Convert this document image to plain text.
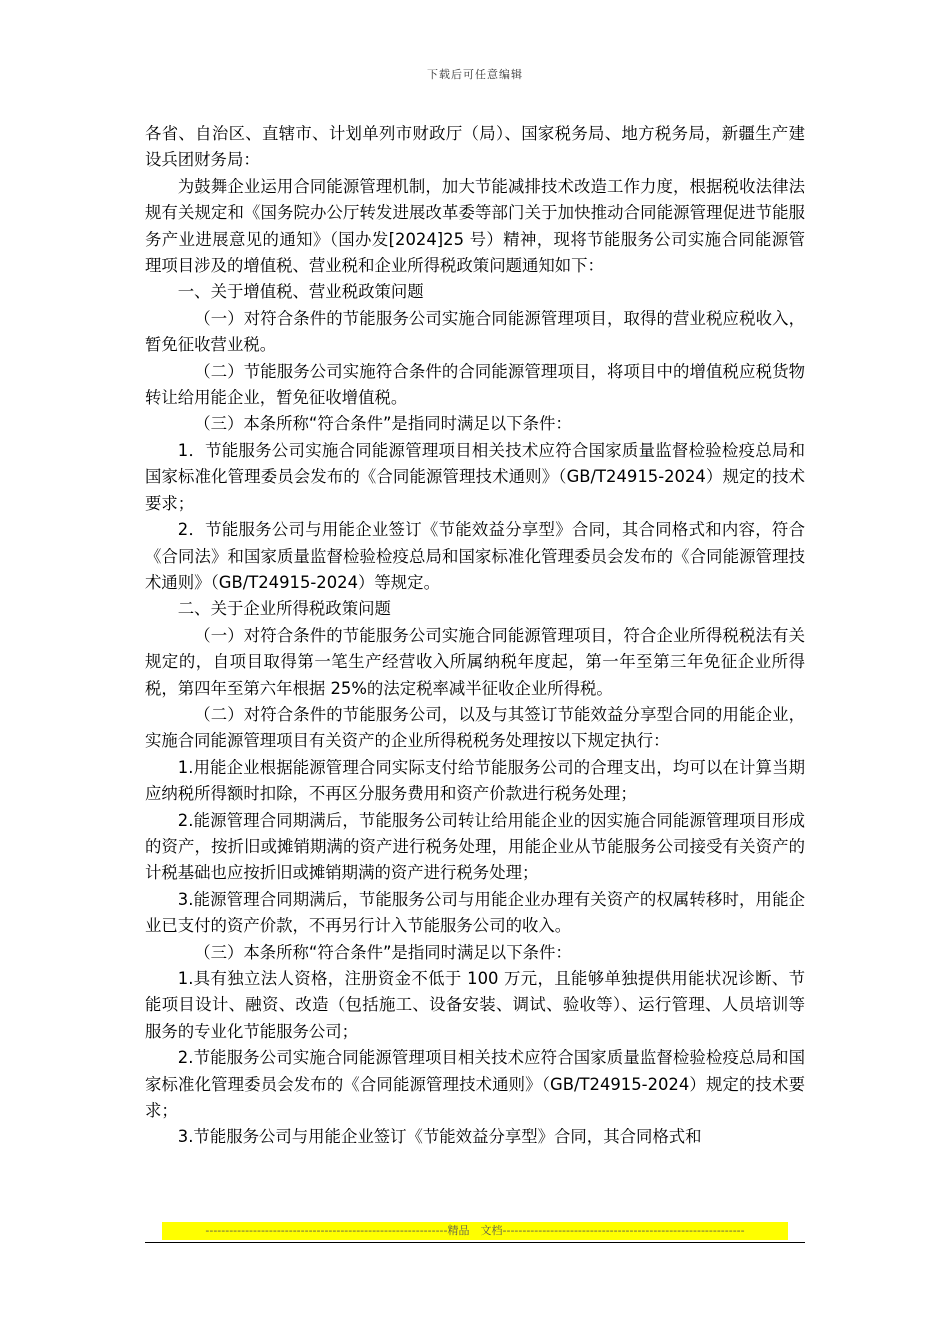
下载后可任意编辑

各省、自治区、直辖市、计划单列市财政厅（局）、国家税务局、地方税务局，新疆生产建设兵团财务局：

为鼓舞企业运用合同能源管理机制，加大节能减排技术改造工作力度，根据税收法律法规有关规定和《国务院办公厅转发进展改革委等部门关于加快推动合同能源管理促进节能服务产业进展意见的通知》（国办发[2024]25 号）精神，现将节能服务公司实施合同能源管理项目涉及的增值税、营业税和企业所得税政策问题通知如下：

一、关于增值税、营业税政策问题

（一）对符合条件的节能服务公司实施合同能源管理项目，取得的营业税应税收入，暂免征收营业税。

（二）节能服务公司实施符合条件的合同能源管理项目，将项目中的增值税应税货物转让给用能企业，暂免征收增值税。

（三）本条所称“符合条件”是指同时满足以下条件：

1．节能服务公司实施合同能源管理项目相关技术应符合国家质量监督检验检疫总局和国家标准化管理委员会发布的《合同能源管理技术通则》（GB/T24915-2024）规定的技术要求；

2．节能服务公司与用能企业签订《节能效益分享型》合同，其合同格式和内容，符合《合同法》和国家质量监督检验检疫总局和国家标准化管理委员会发布的《合同能源管理技术通则》（GB/T24915-2024）等规定。

二、关于企业所得税政策问题

（一）对符合条件的节能服务公司实施合同能源管理项目，符合企业所得税税法有关规定的，自项目取得第一笔生产经营收入所属纳税年度起，第一年至第三年免征企业所得税，第四年至第六年根据 25%的法定税率减半征收企业所得税。

（二）对符合条件的节能服务公司，以及与其签订节能效益分享型合同的用能企业，实施合同能源管理项目有关资产的企业所得税税务处理按以下规定执行：

1.用能企业根据能源管理合同实际支付给节能服务公司的合理支出，均可以在计算当期应纳税所得额时扣除，不再区分服务费用和资产价款进行税务处理；

2.能源管理合同期满后，节能服务公司转让给用能企业的因实施合同能源管理项目形成的资产，按折旧或摊销期满的资产进行税务处理，用能企业从节能服务公司接受有关资产的计税基础也应按折旧或摊销期满的资产进行税务处理；

3.能源管理合同期满后，节能服务公司与用能企业办理有关资产的权属转移时，用能企业已支付的资产价款，不再另行计入节能服务公司的收入。

（三）本条所称“符合条件”是指同时满足以下条件：

1.具有独立法人资格，注册资金不低于 100 万元，且能够单独提供用能状况诊断、节能项目设计、融资、改造（包括施工、设备安装、调试、验收等）、运行管理、人员培训等服务的专业化节能服务公司；

2.节能服务公司实施合同能源管理项目相关技术应符合国家质量监督检验检疫总局和国家标准化管理委员会发布的《合同能源管理技术通则》（GB/T24915-2024）规定的技术要求；

3.节能服务公司与用能企业签订《节能效益分享型》合同，其合同格式和

-------------------------------------------------------------精品　文档-------------------------------------------------------------
